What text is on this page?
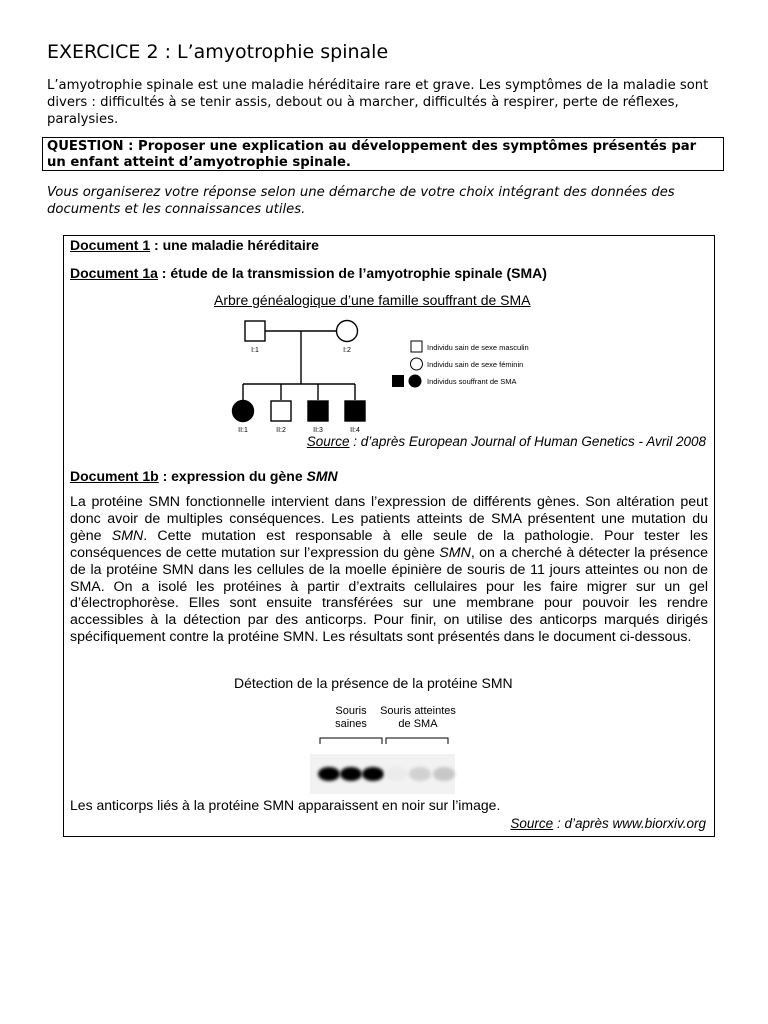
EXERCICE 2 : L’amyotrophie spinale
L’amyotrophie spinale est une maladie héréditaire rare et grave. Les symptômes de la maladie sont divers : difficultés à se tenir assis, debout ou à marcher, difficultés à respirer, perte de réflexes, paralysies.
QUESTION : Proposer une explication au développement des symptômes présentés par un enfant atteint d’amyotrophie spinale.
Vous organiserez votre réponse selon une démarche de votre choix intégrant des données des documents et les connaissances utiles.
Document 1 : une maladie héréditaire
Document 1a : étude de la transmission de l’amyotrophie spinale (SMA)
Arbre généalogique d’une famille souffrant de SMA
I:1	I:2
II:1	II:2	II:3	II:4
Individu sain de sexe masculin
Individu sain de sexe féminin
Individus souffrant de SMA
Source : d’après European Journal of Human Genetics - Avril 2008
Document 1b : expression du gène SMN
La protéine SMN fonctionnelle intervient dans l’expression de différents gènes. Son altération peut donc avoir de multiples conséquences. Les patients atteints de SMA présentent une mutation du gène SMN. Cette mutation est responsable à elle seule de la pathologie. Pour tester les conséquences de cette mutation sur l’expression du gène SMN, on a cherché à détecter la présence de la protéine SMN dans les cellules de la moelle épinière de souris de 11 jours atteintes ou non de SMA. On a isolé les protéines à partir d’extraits cellulaires pour les faire migrer sur un gel d’électrophorèse. Elles sont ensuite transférées sur une membrane pour pouvoir les rendre accessibles à la détection par des anticorps. Pour finir, on utilise des anticorps marqués dirigés spécifiquement contre la protéine SMN. Les résultats sont présentés dans le document ci-dessous.
Détection de la présence de la protéine SMN
Souris
saines
Souris atteintes
de SMA
Les anticorps liés à la protéine SMN apparaissent en noir sur l’image.
Source : d’après www.biorxiv.org
